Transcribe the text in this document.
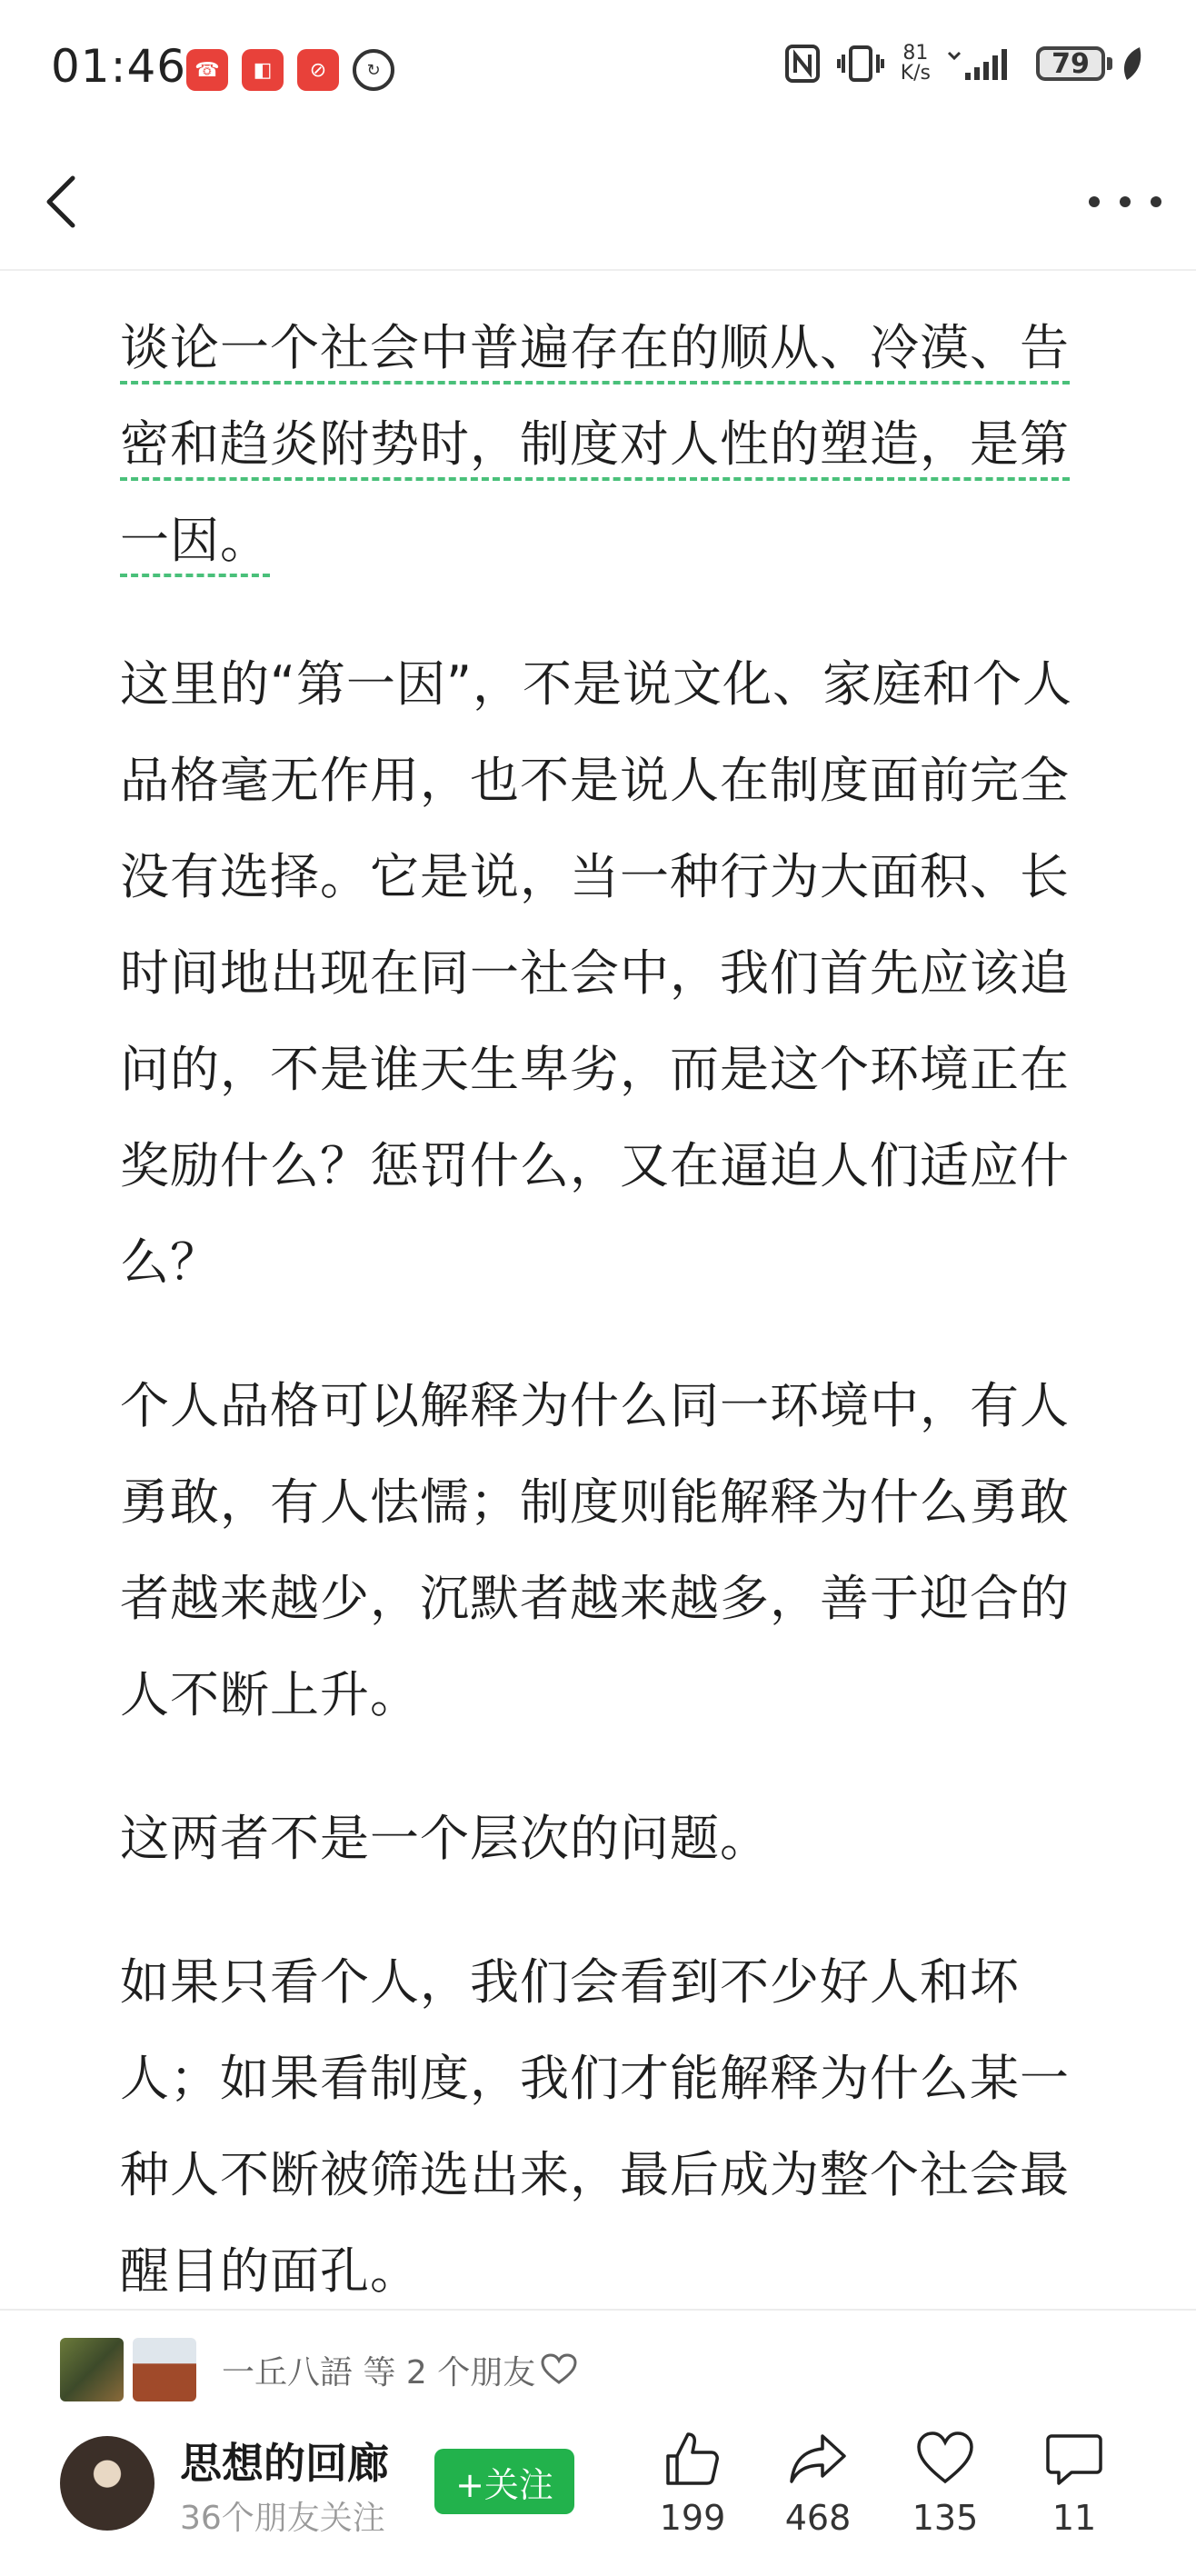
01:46 ☎	◧	⊘	↻
81
K/s	79

谈论一个社会中普遍存在的顺从、冷漠、告密和趋炎附势时，制度对人性的塑造，是第一因。

这里的“第一因”，不是说文化、家庭和个人品格毫无作用，也不是说人在制度面前完全没有选择。它是说，当一种行为大面积、长时间地出现在同一社会中，我们首先应该追问的，不是谁天生卑劣，而是这个环境正在奖励什么？惩罚什么，又在逼迫人们适应什么？

个人品格可以解释为什么同一环境中，有人勇敢，有人怯懦；制度则能解释为什么勇敢者越来越少，沉默者越来越多，善于迎合的人不断上升。

这两者不是一个层次的问题。

如果只看个人，我们会看到不少好人和坏人；如果看制度，我们才能解释为什么某一种人不断被筛选出来，最后成为整个社会最醒目的面孔。

一丘八語 等 2 个朋友
思想的回廊
36个朋友关注
+关注
199	468	135	11
